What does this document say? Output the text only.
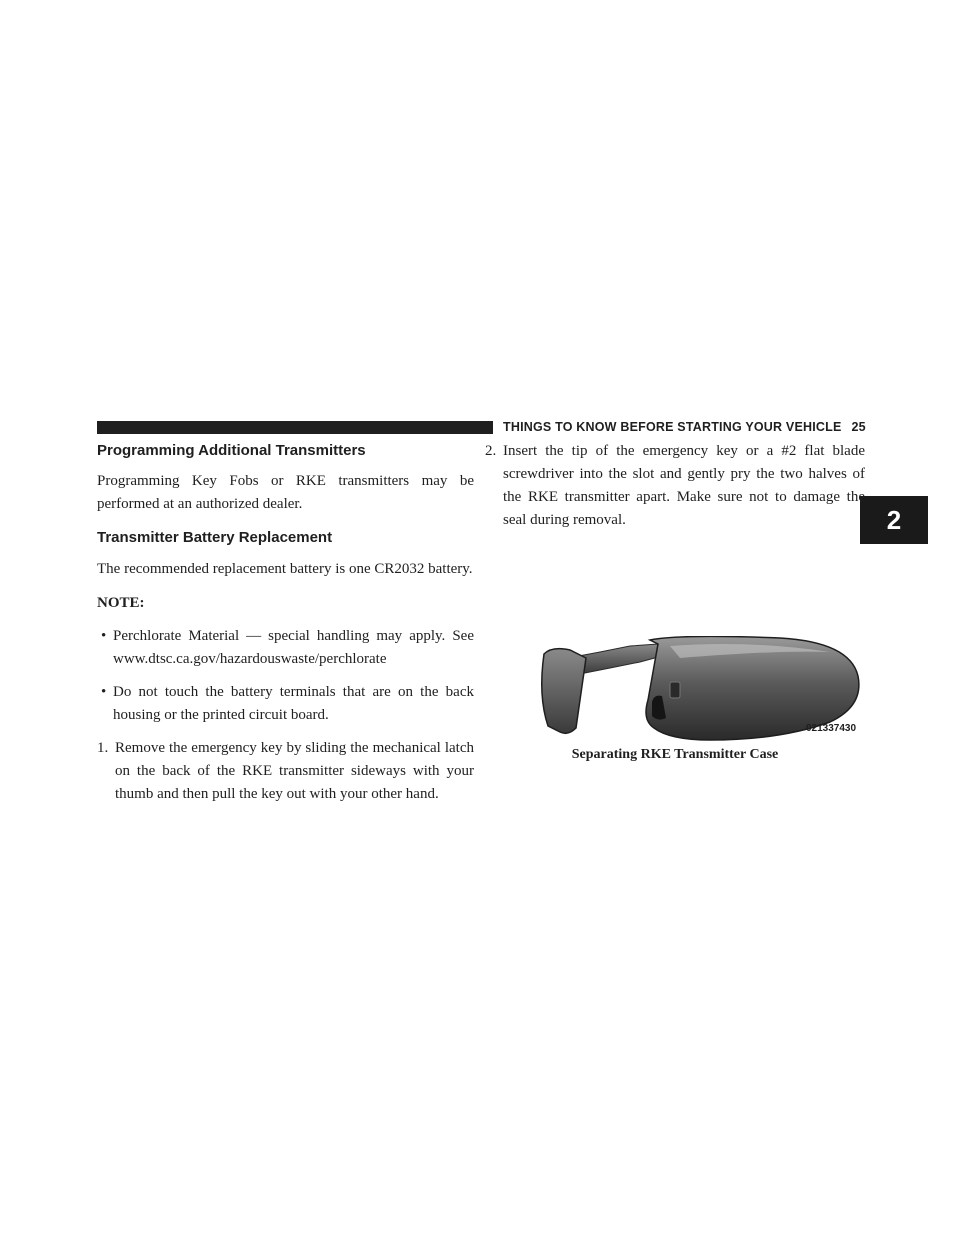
THINGS TO KNOW BEFORE STARTING YOUR VEHICLE 25
2
Programming Additional Transmitters

Programming Key Fobs or RKE transmitters may be performed at an authorized dealer.

Transmitter Battery Replacement

The recommended replacement battery is one CR2032 battery.

NOTE:

• Perchlorate Material — special handling may apply. See www.dtsc.ca.gov/hazardouswaste/perchlorate

• Do not touch the battery terminals that are on the back housing or the printed circuit board.

1. Remove the emergency key by sliding the mechanical latch on the back of the RKE transmitter sideways with your thumb and then pull the key out with your other hand.

2. Insert the tip of the emergency key or a #2 flat blade screwdriver into the slot and gently pry the two halves of the RKE transmitter apart. Make sure not to damage the seal during removal.

021337430
Separating RKE Transmitter Case
